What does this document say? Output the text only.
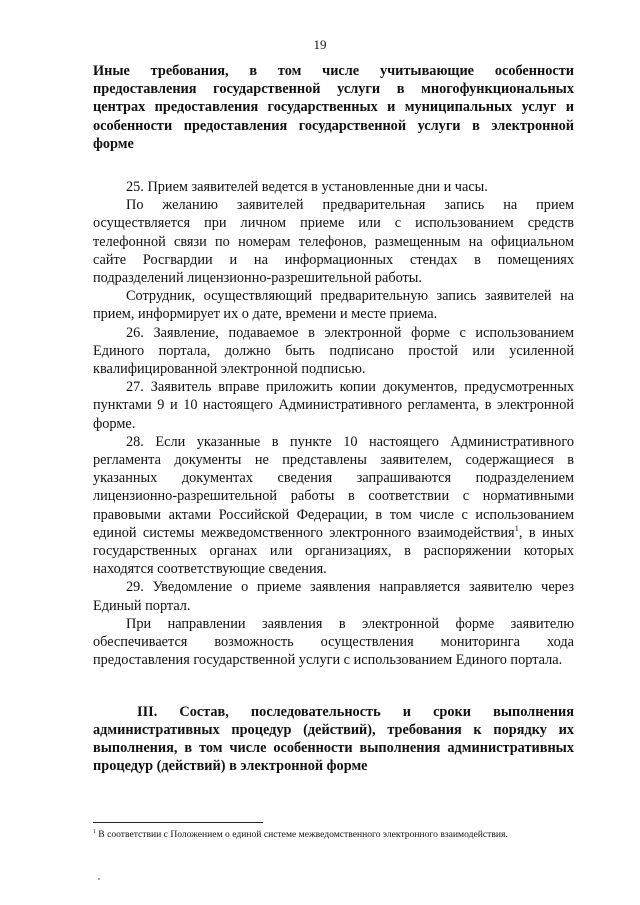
19
Иные требования, в том числе учитывающие особенности предоставления государственной услуги в многофункциональных центрах предоставления государственных и муниципальных услуг и особенности предоставления государственной услуги в электронной форме

25. Прием заявителей ведется в установленные дни и часы.

По желанию заявителей предварительная запись на прием осуществляется при личном приеме или с использованием средств телефонной связи по номерам телефонов, размещенным на официальном сайте Росгвардии и на информационных стендах в помещениях подразделений лицензионно-разрешительной работы.

Сотрудник, осуществляющий предварительную запись заявителей на прием, информирует их о дате, времени и месте приема.

26. Заявление, подаваемое в электронной форме с использованием Единого портала, должно быть подписано простой или усиленной квалифицированной электронной подписью.

27. Заявитель вправе приложить копии документов, предусмотренных пунктами 9 и 10 настоящего Административного регламента, в электронной форме.

28. Если указанные в пункте 10 настоящего Административного регламента документы не представлены заявителем, содержащиеся в указанных документах сведения запрашиваются подразделением лицензионно-разрешительной работы в соответствии с нормативными правовыми актами Российской Федерации, в том числе с использованием единой системы межведомственного электронного взаимодействия$^1$, в иных государственных органах или организациях, в распоряжении которых находятся соответствующие сведения.

29. Уведомление о приеме заявления направляется заявителю через Единый портал.

При направлении заявления в электронной форме заявителю обеспечивается возможность осуществления мониторинга хода предоставления государственной услуги с использованием Единого портала.

III. Состав, последовательность и сроки выполнения административных процедур (действий), требования к порядку их выполнения, в том числе особенности выполнения административных процедур (действий) в электронной форме
$^1$ В соответствии с Положением о единой системе межведомственного электронного взаимодействия.
